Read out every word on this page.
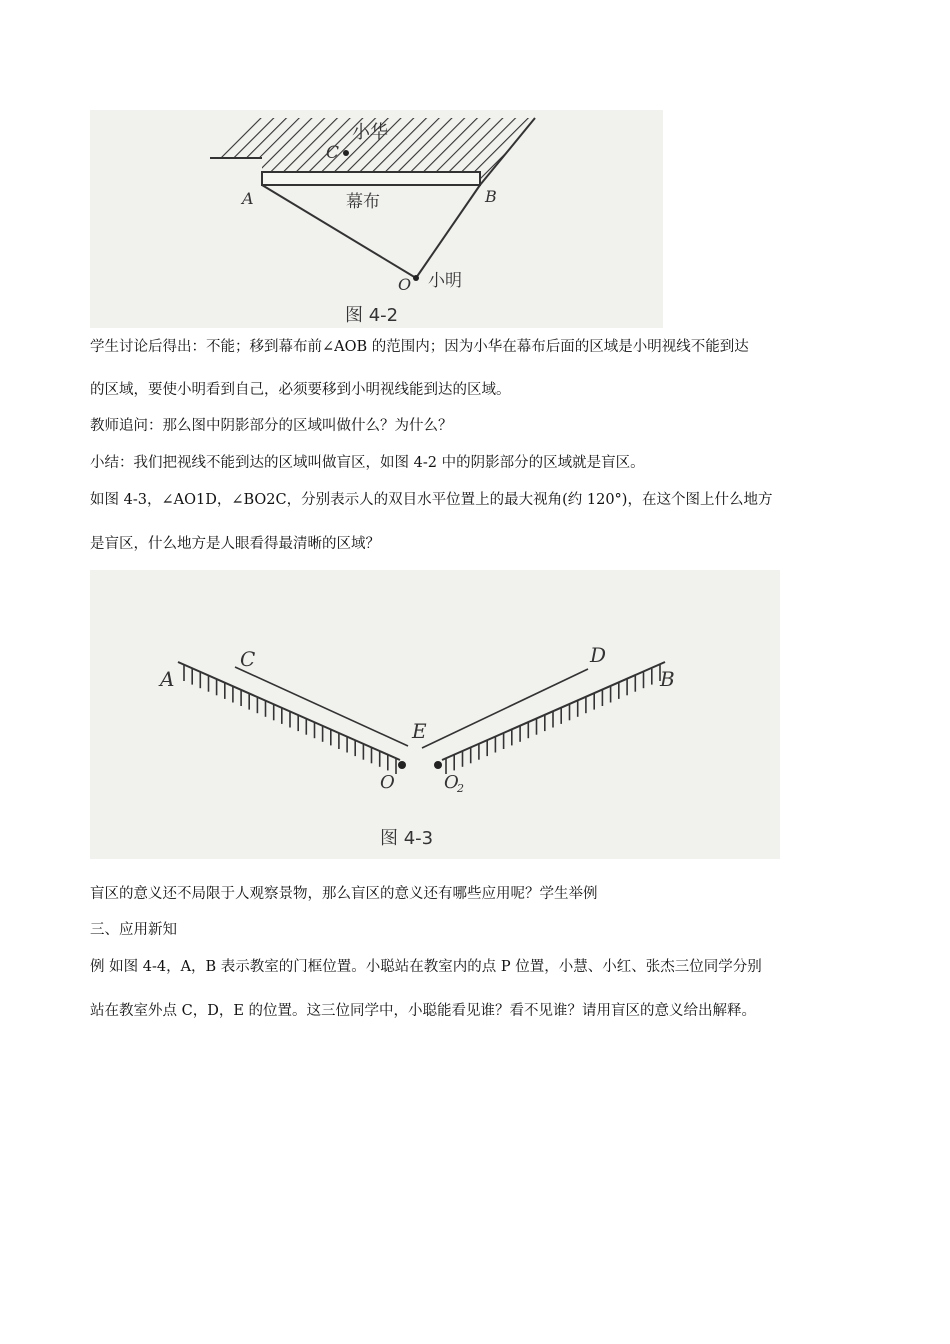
小华
C
A	B
幕布
O 小明
图 4-2
学生讨论后得出：不能；移到幕布前∠AOB 的范围内；因为小华在幕布后面的区域是小明视线不能到达
的区域，要使小明看到自己，必须要移到小明视线能到达的区域。
教师追问：那么图中阴影部分的区域叫做什么？为什么？
小结：我们把视线不能到达的区域叫做盲区，如图 4-2 中的阴影部分的区域就是盲区。
如图 4-3，∠AO1D，∠BO2C，分别表示人的双目水平位置上的最大视角(约 120°)，在这个图上什么地方
是盲区，什么地方是人眼看得最清晰的区域？
A
C	D
B
E
O	O
2
图 4-3
盲区的意义还不局限于人观察景物，那么盲区的意义还有哪些应用呢？学生举例
三、应用新知
例 如图 4-4，A，B 表示教室的门框位置。小聪站在教室内的点 P 位置，小慧、小红、张杰三位同学分别
站在教室外点 C，D，E 的位置。这三位同学中，小聪能看见谁？看不见谁？请用盲区的意义给出解释。
